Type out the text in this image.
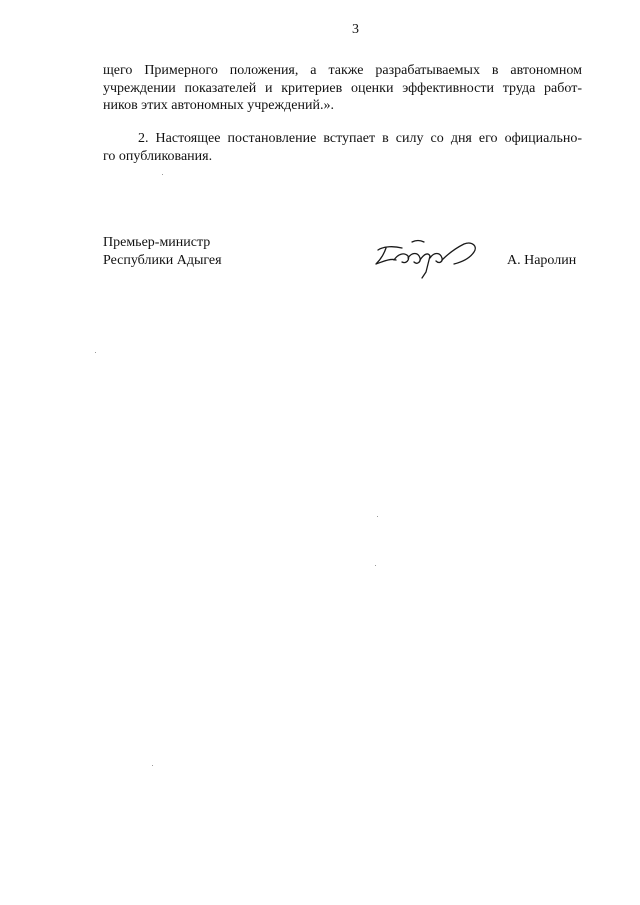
3
щего Примерного положения, а также разрабатываемых в автономном
учреждении показателей и критериев оценки эффективности труда работ-
ников этих автономных учреждений.».
2. Настоящее постановление вступает в силу со дня его официально-
го опубликования.
Премьер-министр
Республики Адыгея	А. Наролин
